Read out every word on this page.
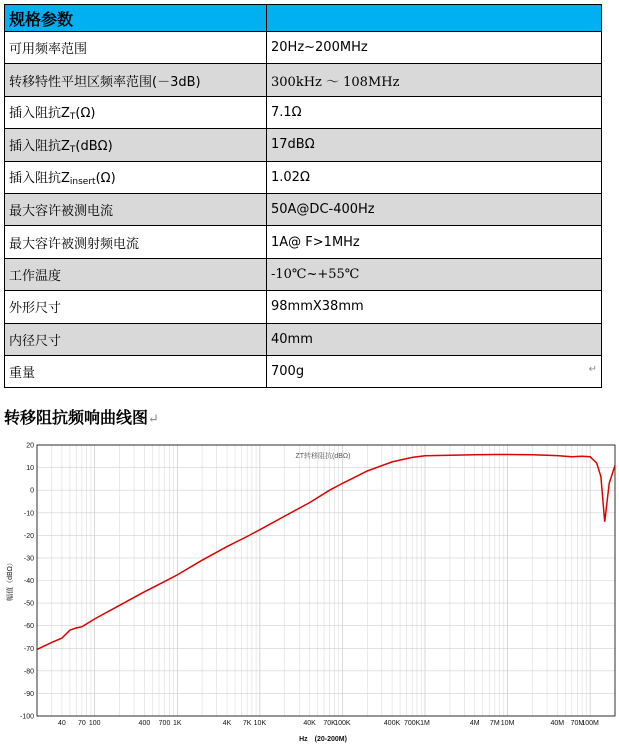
规格参数	
可用频率范围	20Hz~200MHz
转移特性平坦区频率范围(－3dB)	300kHz ～ 108MHz
插入阻抗$Z_T(\Omega)$	7.1Ω
插入阻抗$Z_T(dB\Omega)$	17dBΩ
插入阻抗$Z_{insert}(\Omega)$	1.02Ω
最大容许被测电流	50A@DC-400Hz
最大容许被测射频电流	1A@ F>1MHz
工作温度	-10℃~+55℃
外形尺寸	98mmX38mm
内径尺寸	40mm
重量	700g ↵
转移阻抗频响曲线图↵
20
10
0
-10
-20
-30
-40
-50
-60
-70
-80
-90
-100
40 70 100	400 700 1K	4K 7K 10K	40K 70K
100K	400K 700K 1M	4M 7M 10M	40M 70M
100M
ZT转移阻抗(dBΩ)
Hz　(20-200M)
幅值（dBΩ）
